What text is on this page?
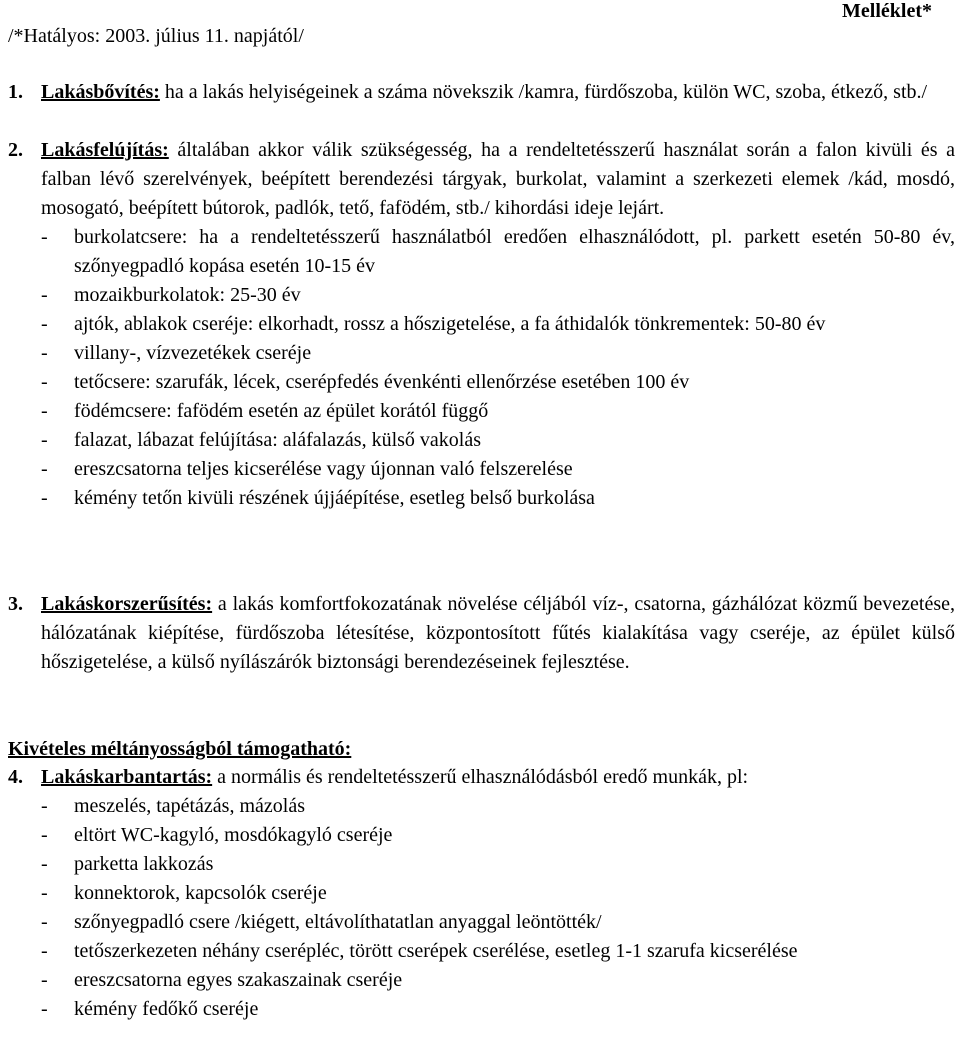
/*Hatályos: 2003. július 11. napjától/
Melléklet*
1. Lakásbővítés: ha a lakás helyiségeinek a száma növekszik /kamra, fürdőszoba, külön WC, szoba, étkező, stb./
2. Lakásfelújítás: általában akkor válik szükségesség, ha a rendeltetésszerű használat során a falon kivüli és a falban lévő szerelvények, beépített berendezési tárgyak, burkolat, valamint a szerkezeti elemek /kád, mosdó, mosogató, beépített bútorok, padlók, tető, fafödém, stb./ kihordási ideje lejárt.
-	burkolatcsere: ha a rendeltetésszerű használatból eredően elhasználódott, pl. parkett esetén 50-80 év, szőnyegpadló kopása esetén 10-15 év
-	mozaikburkolatok: 25-30 év
-	ajtók, ablakok cseréje: elkorhadt, rossz a hőszigetelése, a fa áthidalók tönkrementek: 50-80 év
-	villany-, vízvezetékek cseréje
-	tetőcsere: szarufák, lécek, cserépfedés évenkénti ellenőrzése esetében 100 év
-	födémcsere: fafödém esetén az épület korától függő
-	falazat, lábazat felújítása: aláfalazás, külső vakolás
-	ereszcsatorna teljes kicserélése vagy újonnan való felszerelése
-	kémény tetőn kivüli részének újjáépítése, esetleg belső burkolása
3. Lakáskorszerűsítés: a lakás komfortfokozatának növelése céljából víz-, csatorna, gázhálózat közmű bevezetése, hálózatának kiépítése, fürdőszoba létesítése, központosított fűtés kialakítása vagy cseréje, az épület külső hőszigetelése, a külső nyílászárók biztonsági berendezéseinek fejlesztése.
Kivételes méltányosságból támogatható:
4. Lakáskarbantartás: a normális és rendeltetésszerű elhasználódásból eredő munkák, pl:
-	meszelés, tapétázás, mázolás
-	eltört WC-kagyló, mosdókagyló cseréje
-	parketta lakkozás
-	konnektorok, kapcsolók cseréje
-	szőnyegpadló csere /kiégett, eltávolíthatatlan anyaggal leöntötték/
-	tetőszerkezeten néhány cserépléc, törött cserépek cserélése, esetleg 1-1 szarufa kicserélése
-	ereszcsatorna egyes szakaszainak cseréje
-	kémény fedőkő cseréje
